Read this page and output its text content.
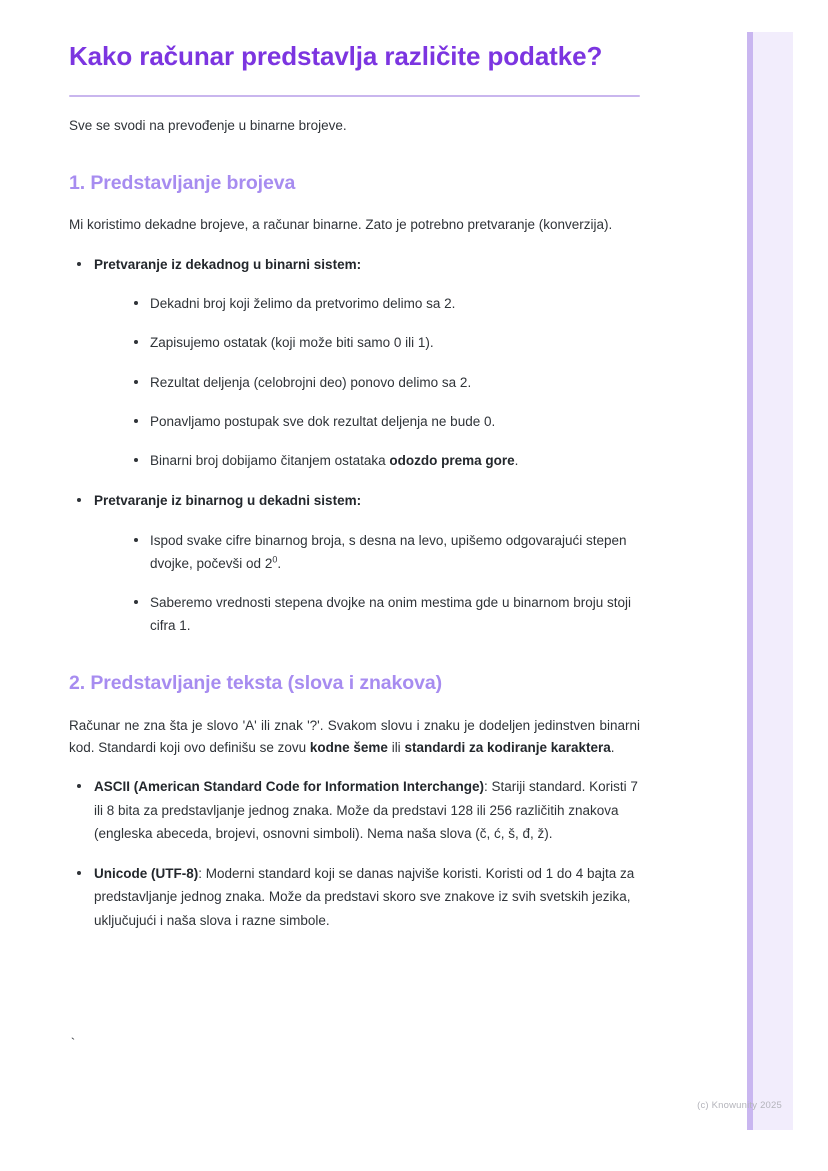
Kako računar predstavlja različite podatke?

Sve se svodi na prevođenje u binarne brojeve.

1. Predstavljanje brojeva

Mi koristimo dekadne brojeve, a računar binarne. Zato je potrebno pretvaranje (konverzija).

Pretvaranje iz dekadnog u binarni sistem:
Dekadni broj koji želimo da pretvorimo delimo sa 2.
Zapisujemo ostatak (koji može biti samo 0 ili 1).
Rezultat deljenja (celobrojni deo) ponovo delimo sa 2.
Ponavljamo postupak sve dok rezultat deljenja ne bude 0.
Binarni broj dobijamo čitanjem ostataka odozdo prema gore.
Pretvaranje iz binarnog u dekadni sistem:
Ispod svake cifre binarnog broja, s desna na levo, upišemo odgovarajući stepen dvojke, počevši od $2^0$.
Saberemo vrednosti stepena dvojke na onim mestima gde u binarnom broju stoji cifra 1.
2. Predstavljanje teksta (slova i znakova)

Računar ne zna šta je slovo 'A' ili znak '?'. Svakom slovu i znaku je dodeljen jedinstven binarni kod. Standardi koji ovo definišu se zovu kodne šeme ili standardi za kodiranje karaktera.

ASCII (American Standard Code for Information Interchange): Stariji standard. Koristi 7 ili 8 bita za predstavljanje jednog znaka. Može da predstavi 128 ili 256 različitih znakova (engleska abeceda, brojevi, osnovni simboli). Nema naša slova (č, ć, š, đ, ž).
Unicode (UTF-8): Moderni standard koji se danas najviše koristi. Koristi od 1 do 4 bajta za predstavljanje jednog znaka. Može da predstavi skoro sve znakove iz svih svetskih jezika, uključujući i naša slova i razne simbole.
`
(c) Knowunity 2025
